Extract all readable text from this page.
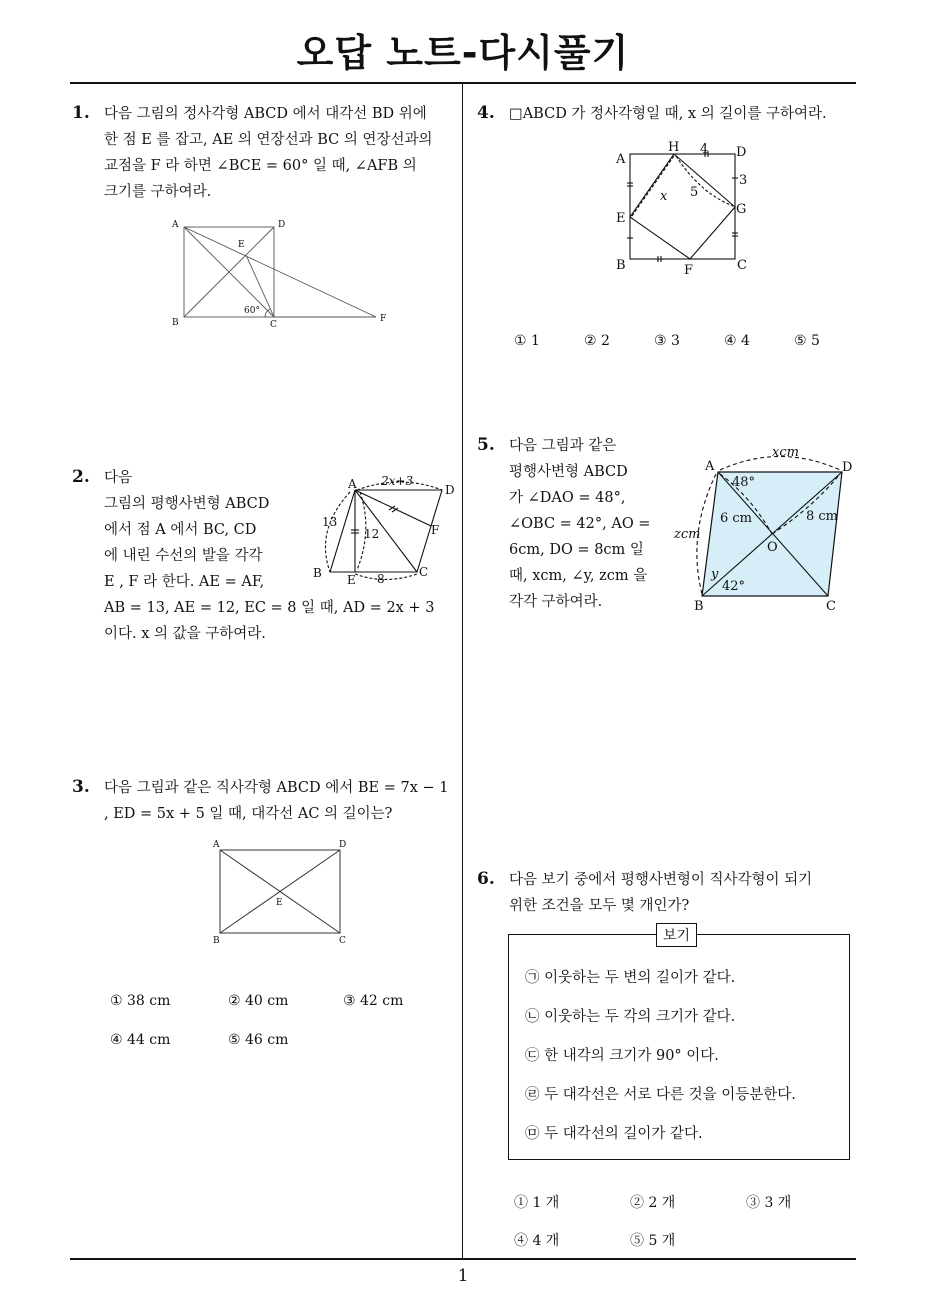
오답 노트-다시풀기
1
1. 다음 그림의 정사각형 ABCD 에서 대각선 BD 위에
한 점 E 를 잡고, AE 의 연장선과 BC 의 연장선과의
교점을 F 라 하면 ∠BCE = 60° 일 때, ∠AFB 의
크기를 구하여라.
A	D
B	C
E
F
60°
2. 다음
그림의 평행사변형 ABCD
에서 점 A 에서 BC, CD
에 내린 수선의 발을 각각
E , F 라 한다. AE = AF,
AB = 13, AE = 12, EC = 8 일 때, AD = 2x + 3
이다. x 의 값을 구하여라.
A	D
B	C
E
F
2x+3
13
12
8
3. 다음 그림과 같은 직사각형 ABCD 에서 BE = 7x − 1
, ED = 5x + 5 일 때, 대각선 AC 의 길이는?
A	D
B	C
E
① 38 cm	② 40 cm	③ 42 cm
④ 44 cm	⑤ 46 cm
4. □ABCD 가 정사각형일 때, x 의 길이를 구하여라.
A
H 4 D
3
G
E
B	F	C
5
x
① 1	② 2	③ 3	④ 4	⑤ 5
5. 다음 그림과 같은
평행사변형 ABCD
가 ∠DAO = 48°,
∠OBC = 42°, AO =
6cm, DO = 8cm 일
때, xcm, ∠y, zcm 을
각각 구하여라.
A	D
B	C
O
xcm
zcm
48°
42°
6 cm	8 cm
y
6. 다음 보기 중에서 평행사변형이 직사각형이 되기
위한 조건을 모두 몇 개인가?
보기
㉠ 이웃하는 두 변의 길이가 같다.
㉡ 이웃하는 두 각의 크기가 같다.
㉢ 한 내각의 크기가 90° 이다.
㉣ 두 대각선은 서로 다른 것을 이등분한다.
㉤ 두 대각선의 길이가 같다.
① 1 개	② 2 개	③ 3 개
④ 4 개	⑤ 5 개
